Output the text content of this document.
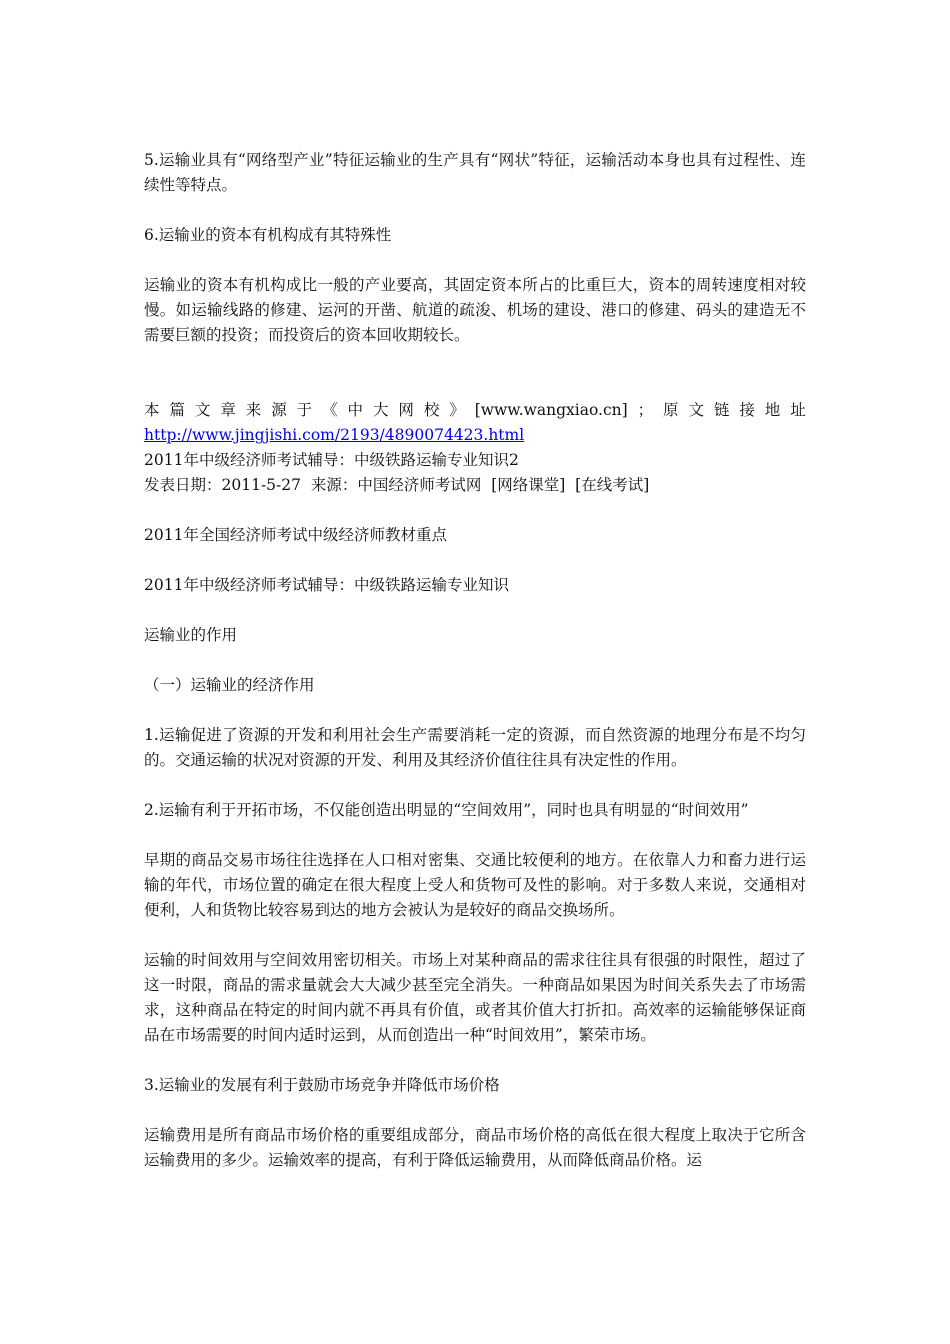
5.运输业具有“网络型产业”特征运输业的生产具有“网状”特征，运输活动本身也具有过程性、连续性等特点。

6.运输业的资本有机构成有其特殊性

运输业的资本有机构成比一般的产业要高，其固定资本所占的比重巨大，资本的周转速度相对较慢。如运输线路的修建、运河的开凿、航道的疏浚、机场的建设、港口的修建、码头的建造无不需要巨额的投资；而投资后的资本回收期较长。

本 篇 文 章 来 源 于 《 中 大 网 校 》 [www.wangxiao.cn] ； 原 文 链 接 地 址
http://www.jingjishi.com/2193/4890074423.html
2011年中级经济师考试辅导：中级铁路运输专业知识2

发表日期：2011-5-27  来源：中国经济师考试网  [网络课堂]  [在线考试]

2011年全国经济师考试中级经济师教材重点

2011年中级经济师考试辅导：中级铁路运输专业知识

运输业的作用

（一）运输业的经济作用

1.运输促进了资源的开发和利用社会生产需要消耗一定的资源，而自然资源的地理分布是不均匀的。交通运输的状况对资源的开发、利用及其经济价值往往具有决定性的作用。

2.运输有利于开拓市场，不仅能创造出明显的“空间效用”，同时也具有明显的“时间效用”

早期的商品交易市场往往选择在人口相对密集、交通比较便利的地方。在依靠人力和畜力进行运输的年代，市场位置的确定在很大程度上受人和货物可及性的影响。对于多数人来说，交通相对便利，人和货物比较容易到达的地方会被认为是较好的商品交换场所。

运输的时间效用与空间效用密切相关。市场上对某种商品的需求往往具有很强的时限性，超过了这一时限，商品的需求量就会大大减少甚至完全消失。一种商品如果因为时间关系失去了市场需求，这种商品在特定的时间内就不再具有价值，或者其价值大打折扣。高效率的运输能够保证商品在市场需要的时间内适时运到，从而创造出一种“时间效用”，繁荣市场。

3.运输业的发展有利于鼓励市场竞争并降低市场价格

运输费用是所有商品市场价格的重要组成部分，商品市场价格的高低在很大程度上取决于它所含运输费用的多少。运输效率的提高，有利于降低运输费用，从而降低商品价格。运
